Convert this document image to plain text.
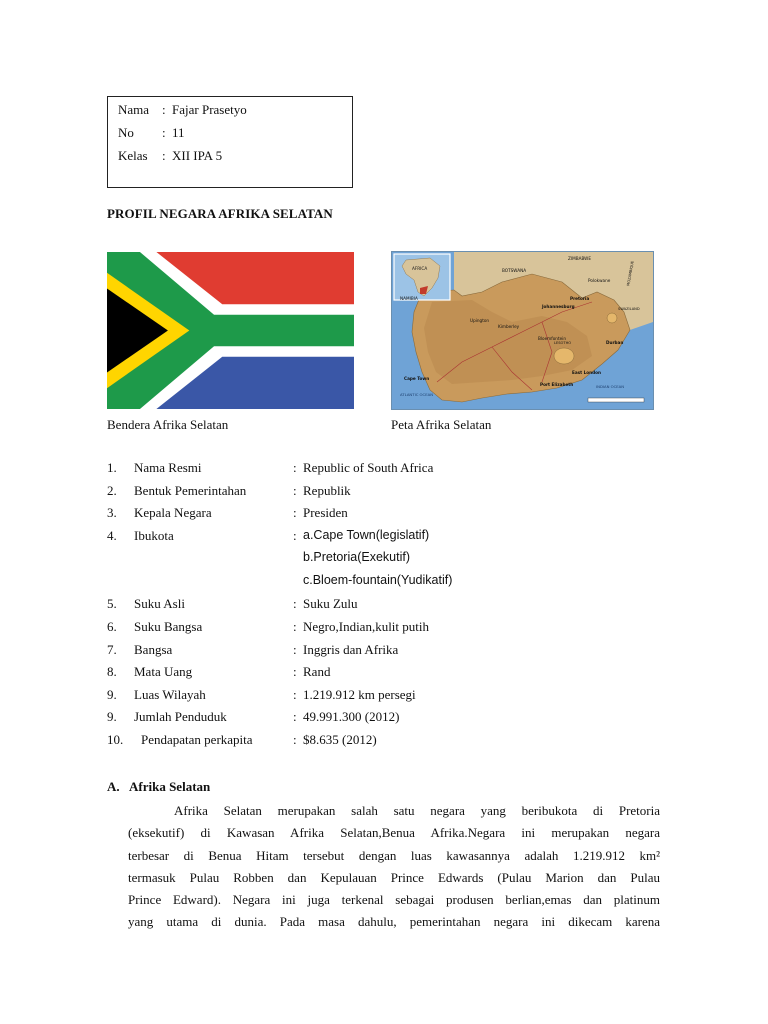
Nama : Fajar Prasetyo
No : 11
Kelas : XII IPA 5
PROFIL NEGARA AFRIKA SELATAN
AFRICA	BOTSWANA
NAMIBIA
ZIMBABWE
MOZAMBIQUE
LESOTHO
SWAZILAND
Johannesburg
Pretoria
Kimberley
Bloemfontein
Durban
Port Elizabeth
East London
Cape Town
Polokwane
Upington
ATLANTIC OCEAN
INDIAN OCEAN
Bendera Afrika Selatan	Peta Afrika Selatan
1. Nama Resmi	: Republic of South Africa
2. Bentuk Pemerintahan	: Republik
3. Kepala Negara	: Presiden
4. Ibukota	: a.Cape Town(legislatif)
b.Pretoria(Exekutif)
c.Bloem-fountain(Yudikatif)
5. Suku Asli	: Suku Zulu
6. Suku Bangsa	: Negro,Indian,kulit putih
7. Bangsa	: Inggris dan Afrika
8. Mata Uang	: Rand
9. Luas Wilayah	: 1.219.912 km persegi
9. Jumlah Penduduk	: 49.991.300 (2012)
10. Pendapatan perkapita	: $8.635 (2012)
A. Afrika Selatan
Afrika Selatan merupakan salah satu negara yang beribukota di Pretoria
(eksekutif) di Kawasan Afrika Selatan,Benua Afrika.Negara ini merupakan negara
terbesar di Benua Hitam tersebut dengan luas kawasannya adalah 1.219.912 km²
termasuk Pulau Robben dan Kepulauan Prince Edwards (Pulau Marion dan Pulau
Prince Edward). Negara ini juga terkenal sebagai produsen berlian,emas dan platinum
yang utama di dunia. Pada masa dahulu, pemerintahan negara ini dikecam karena
